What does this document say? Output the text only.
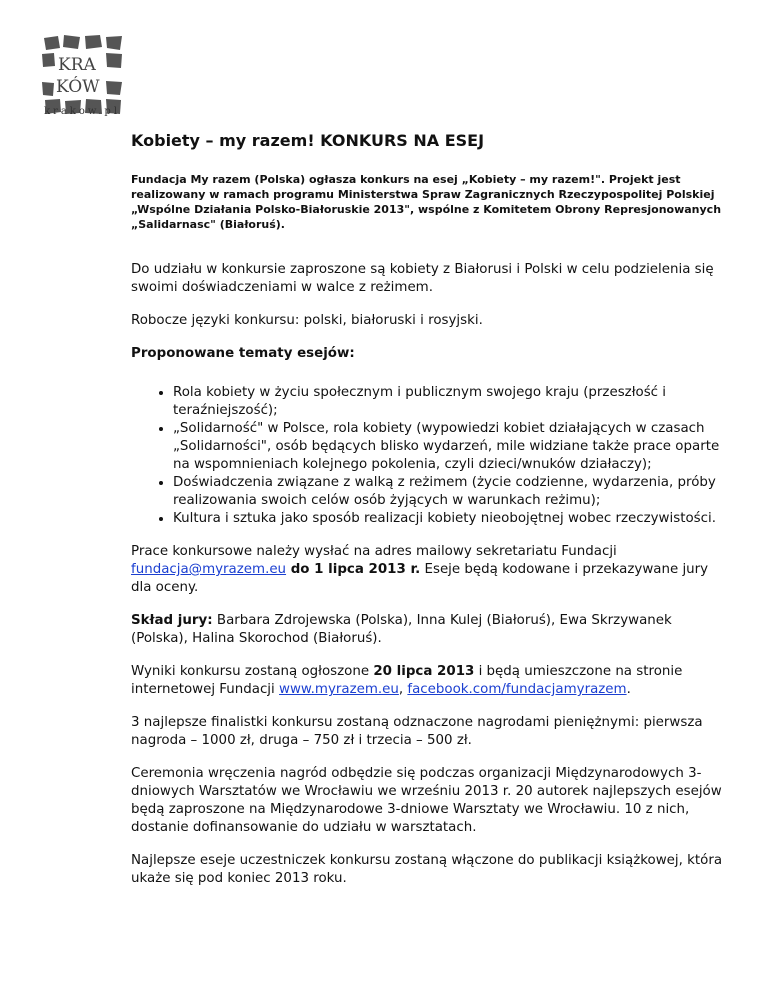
KRA
KÓW
krakow.pl
Kobiety – my razem! KONKURS NA ESEJ
Fundacja My razem (Polska) ogłasza konkurs na esej „Kobiety – my razem!". Projekt jest realizowany w ramach programu Ministerstwa Spraw Zagranicznych Rzeczypospolitej Polskiej „Wspólne Działania Polsko-Białoruskie 2013", wspólne z Komitetem Obrony Represjonowanych „Salidarnasc" (Białoruś).

Do udziału w konkursie zaproszone są kobiety z Białorusi i Polski w celu podzielenia się swoimi doświadczeniami w walce z reżimem.

Robocze języki konkursu: polski, białoruski i rosyjski.

Proponowane tematy esejów:

• Rola kobiety w życiu społecznym i publicznym swojego kraju (przeszłość i teraźniejszość);
• „Solidarność" w Polsce, rola kobiety (wypowiedzi kobiet działających w czasach „Solidarności", osób będących blisko wydarzeń, mile widziane także prace oparte na wspomnieniach kolejnego pokolenia, czyli dzieci/wnuków działaczy);
• Doświadczenia związane z walką z reżimem (życie codzienne, wydarzenia, próby realizowania swoich celów osób żyjących w warunkach reżimu);
• Kultura i sztuka jako sposób realizacji kobiety nieobojętnej wobec rzeczywistości.

Prace konkursowe należy wysłać na adres mailowy sekretariatu Fundacji fundacja@myrazem.eu do 1 lipca 2013 r. Eseje będą kodowane i przekazywane jury dla oceny.

Skład jury: Barbara Zdrojewska (Polska), Inna Kulej (Białoruś), Ewa Skrzywanek (Polska), Halina Skorochod (Białoruś).

Wyniki konkursu zostaną ogłoszone 20 lipca 2013 i będą umieszczone na stronie internetowej Fundacji www.myrazem.eu, facebook.com/fundacjamyrazem.

3 najlepsze finalistki konkursu zostaną odznaczone nagrodami pieniężnymi: pierwsza nagroda – 1000 zł, druga – 750 zł i trzecia – 500 zł.

Ceremonia wręczenia nagród odbędzie się podczas organizacji Międzynarodowych 3-dniowych Warsztatów we Wrocławiu we wrześniu 2013 r. 20 autorek najlepszych esejów będą zaproszone na Międzynarodowe 3-dniowe Warsztaty we Wrocławiu. 10 z nich, dostanie dofinansowanie do udziału w warsztatach.

Najlepsze eseje uczestniczek konkursu zostaną włączone do publikacji książkowej, która ukaże się pod koniec 2013 roku.
